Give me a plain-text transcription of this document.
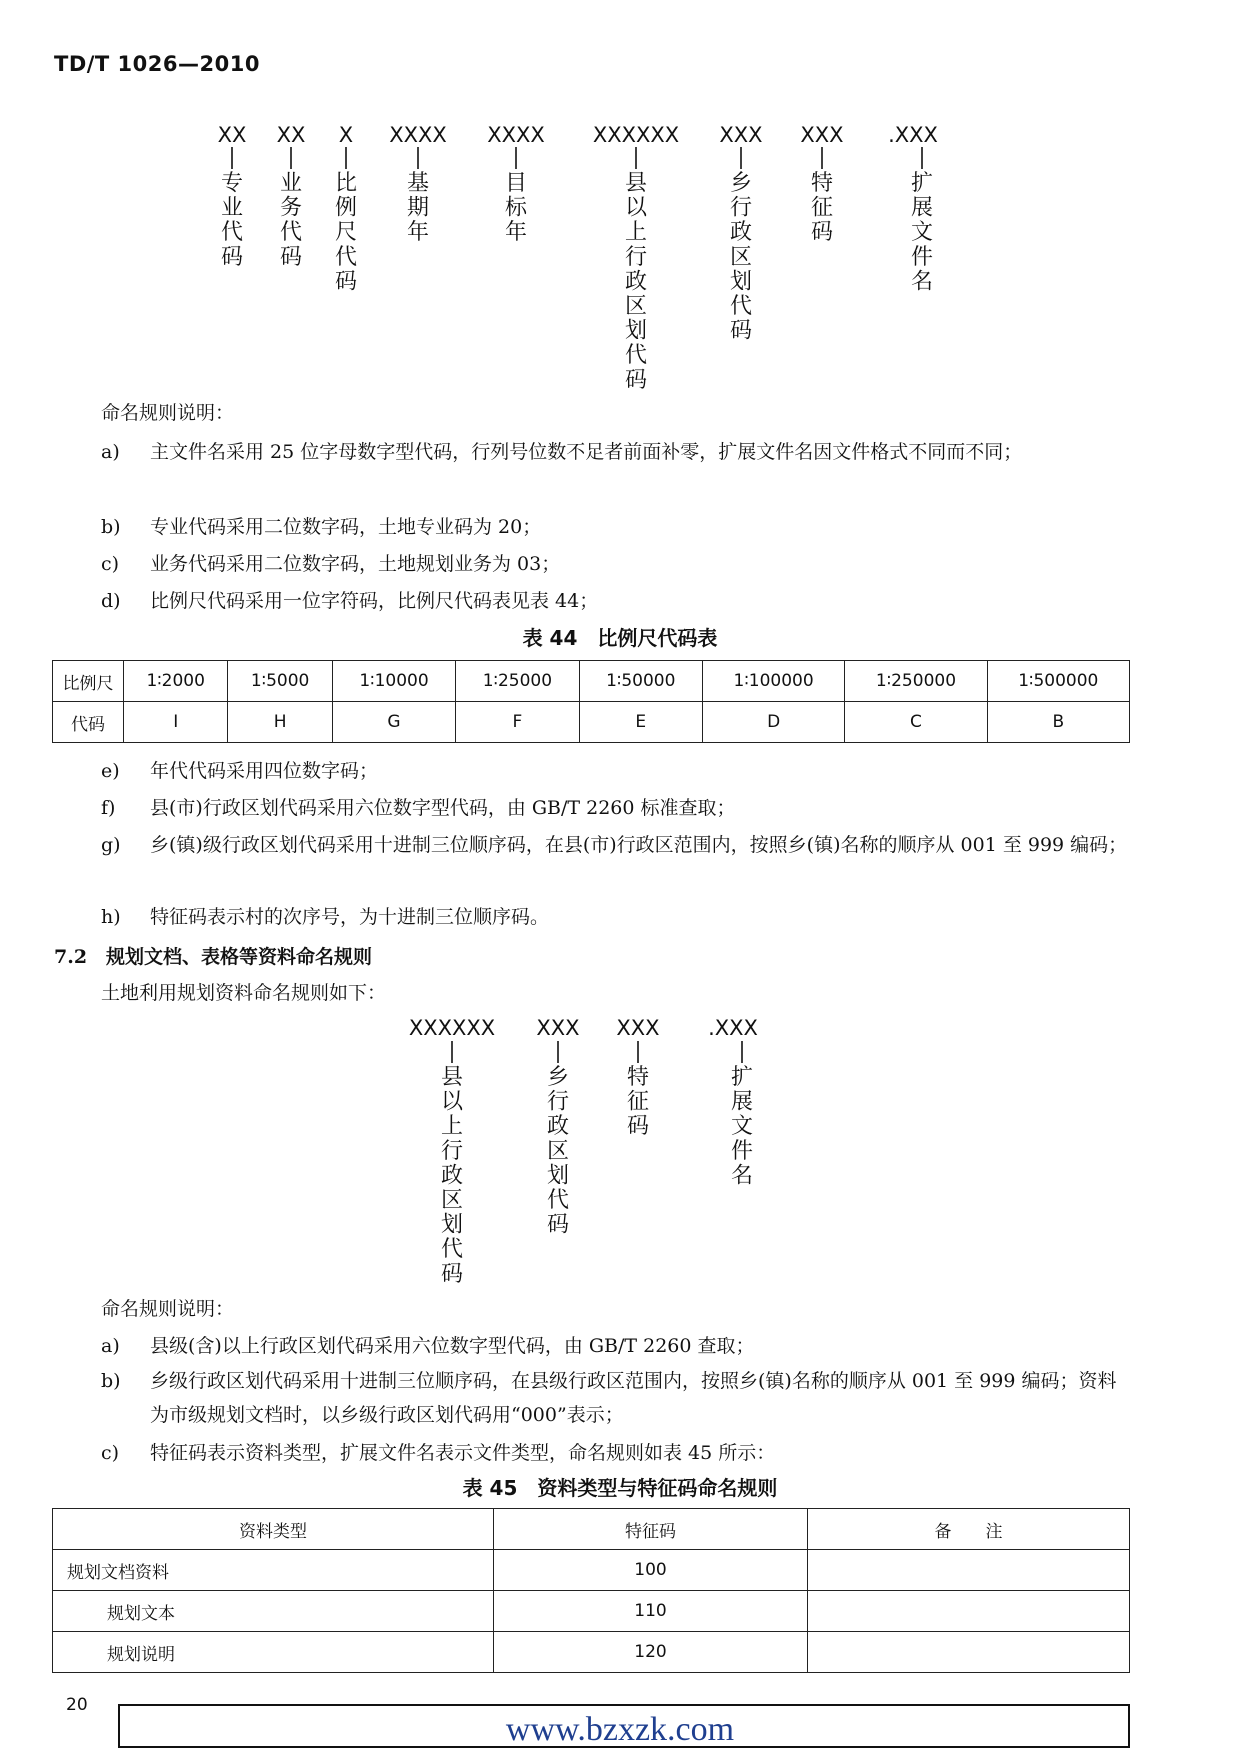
TD/T 1026—2010
XX
专业代码
XX
业务代码
X
比例尺代码
XXXX
基期年
XXXX
目标年
XXXXXX
县以上行政区划代码
XXX
乡行政区划代码
XXX
特征码
.XXX
扩展文件名
命名规则说明：
a)	主文件名采用 25 位字母数字型代码，行列号位数不足者前面补零，扩展文件名因文件格式不同而不同；
b)	专业代码采用二位数字码，土地专业码为 20；
c)	业务代码采用二位数字码，土地规划业务为 03；
d)	比例尺代码采用一位字符码，比例尺代码表见表 44；
表 44　比例尺代码表
比例尺	1∶2000	1∶5000	1∶10000	1∶25000	1∶50000	1∶100000	1∶250000	1∶500000
代码	I	H	G	F	E	D	C	B
e)	年代代码采用四位数字码；
f)	县(市)行政区划代码采用六位数字型代码，由 GB/T 2260 标准查取；
g)	乡(镇)级行政区划代码采用十进制三位顺序码，在县(市)行政区范围内，按照乡(镇)名称的顺序从 001 至 999 编码；
h)	特征码表示村的次序号，为十进制三位顺序码。
7.2　规划文档、表格等资料命名规则
土地利用规划资料命名规则如下：
XXXXXX
县以上行政区划代码
XXX
乡行政区划代码
XXX
特征码
.XXX
扩展文件名
命名规则说明：
a)	县级(含)以上行政区划代码采用六位数字型代码，由 GB/T 2260 查取；
b)	乡级行政区划代码采用十进制三位顺序码，在县级行政区范围内，按照乡(镇)名称的顺序从 001 至 999 编码；资料为市级规划文档时，以乡级行政区划代码用“000”表示；
c)	特征码表示资料类型，扩展文件名表示文件类型，命名规则如表 45 所示：
表 45　资料类型与特征码命名规则
资料类型	特征码	备　　注
规划文档资料	100	
规划文本	110	
规划说明	120	
20
www.bzxzk.com
